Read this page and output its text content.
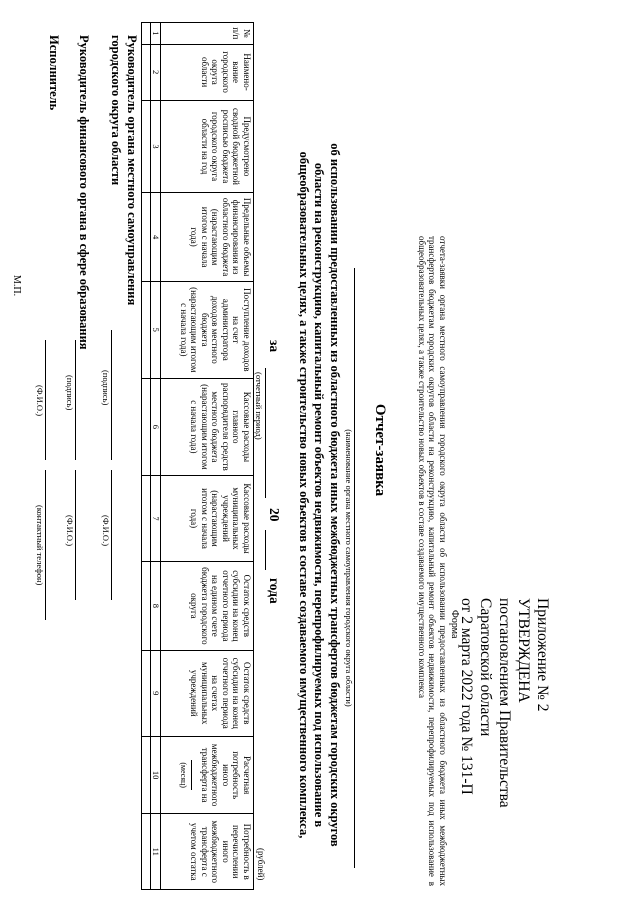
Приложение № 2
УТВЕРЖДЕНА
постановлением Правительства
Саратовской области
от 2 марта 2022 года № 131-П
Форма
отчета-заявки органа местного самоуправления городского округа области об использовании предоставленных из областного бюджета иных межбюджетных трансфертов бюджетам городских округов области на реконструкцию, капитальный ремонт объектов недвижимости, перепрофилируемых под использование в общеобразовательных целях, а также строительство новых объектов в составе создаваемого имущественного комплекса
Отчет-заявка
(наименование органа местного самоуправления городского округа области)
об использовании предоставленных из областного бюджета иных межбюджетных трансфертов бюджетам городских округов области на реконструкцию, капитальный ремонт объектов недвижимости, перепрофилируемых под использование в общеобразовательных целях, а также строительство новых объектов в составе создаваемого имущественного комплекса,
за
20
года
(отчетный период)
(рублей)
№ п/п	Наимено-вание городского округа области	Предусмотрено сводной бюджетной росписью бюджета городского округа области на год	Предельные объемы финансирования из областного бюджета (нарастающим итогом с начала года)	Поступление доходов на счет администратора доходов местного бюджета (нарастающим итогом с начала года)	Кассовые расходы главного распорядителя средств местного бюджета (нарастающим итогом с начала года)	Кассовые расходы муниципальных учреждений (нарастающим итогом с начала года)	Остаток средств субсидии на конец отчетного периода на едином счете бюджета городского округа	Остаток средств субсидии на конец отчетного периода на счетах муниципальных учреждений	Расчетная потребность иного межбюджетного трансферта на
(месяц)	Потребность в перечислении иного межбюджетного трансферта с учетом остатка
1	2	3	4	5	6	7	8	9	10	11

Руководитель органа местного самоуправления городского округа области
(подпись)
(Ф.И.О.)
Руководитель финансового органа в сфере образования
(подпись)
(Ф.И.О.)
Исполнитель
(Ф.И.О.)
(контактный телефон)
М.П.
